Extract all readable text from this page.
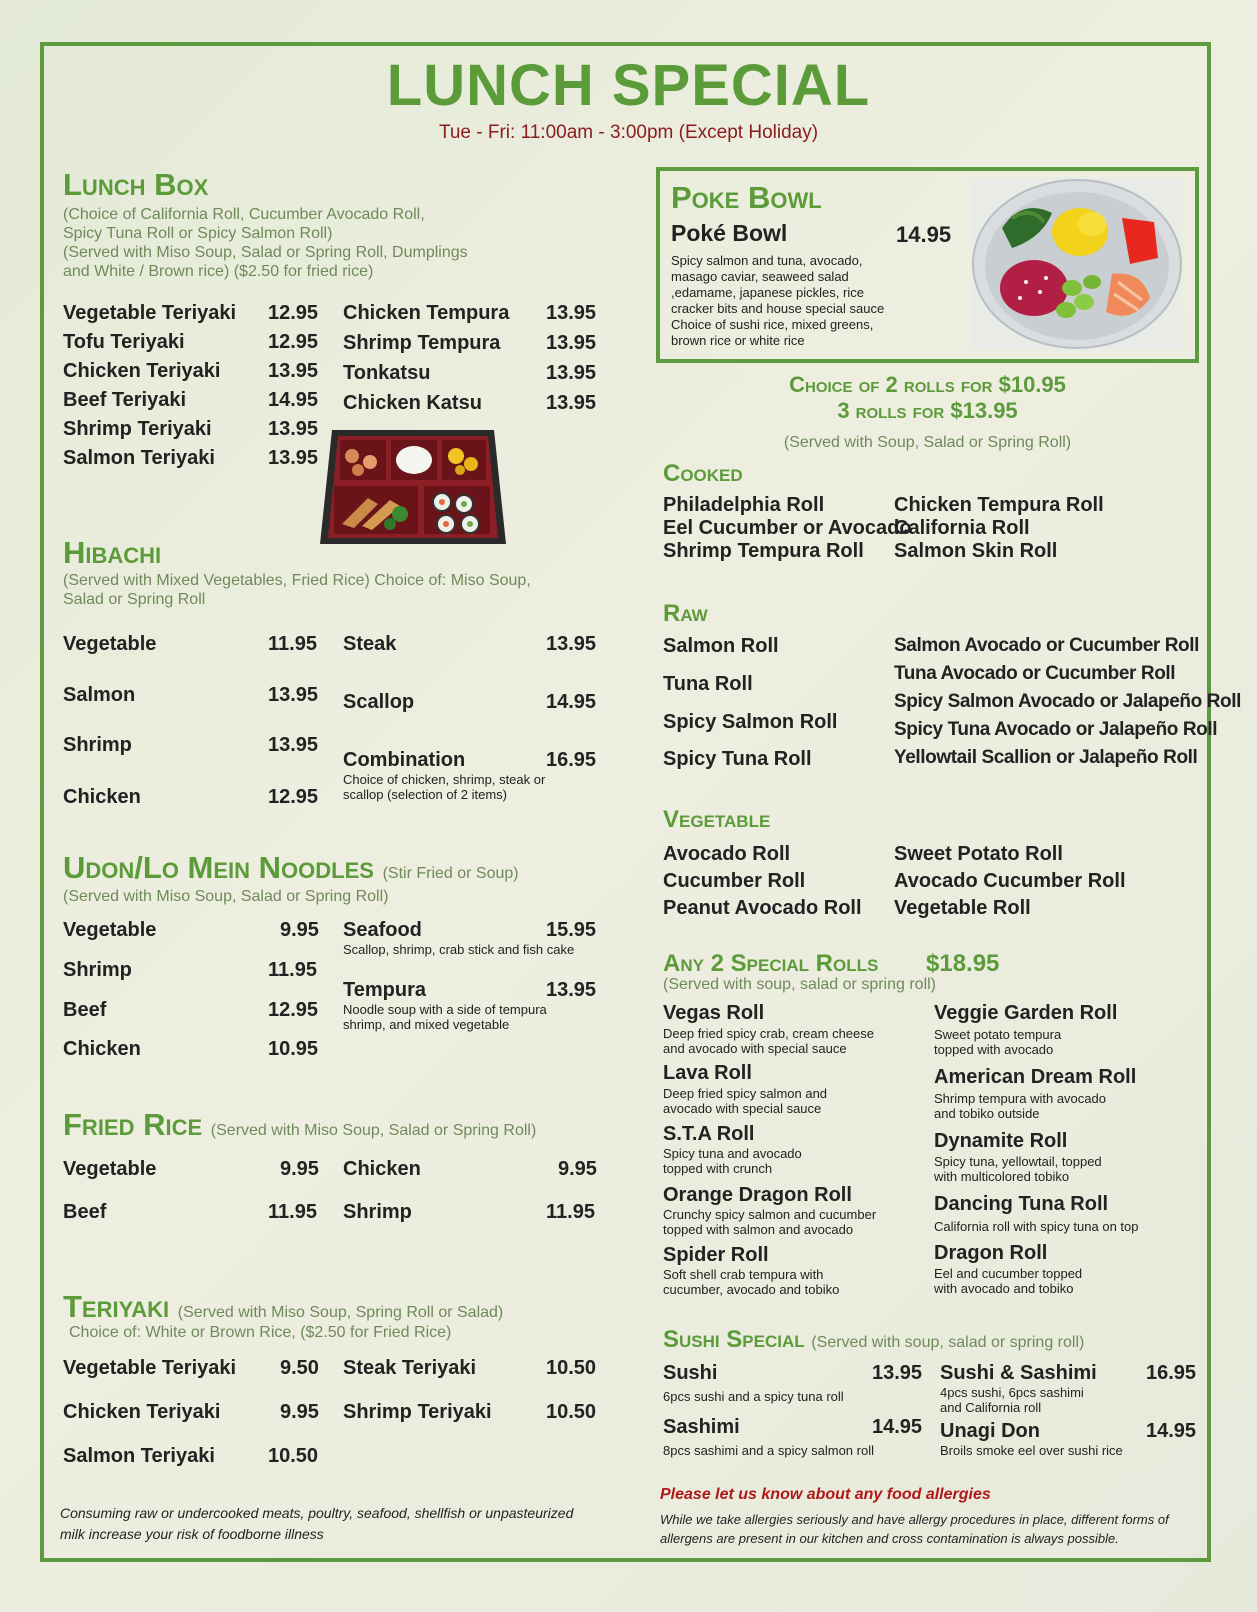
LUNCH SPECIAL
Tue - Fri: 11:00am - 3:00pm (Except Holiday)
Lunch Box
(Choice of California Roll, Cucumber Avocado Roll,
Spicy Tuna Roll or Spicy Salmon Roll)
(Served with Miso Soup, Salad or Spring Roll, Dumplings
and White / Brown rice) ($2.50 for fried rice)
Vegetable Teriyaki 12.95
Tofu Teriyaki	12.95
Chicken Teriyaki 13.95
Beef Teriyaki	14.95
Shrimp Teriyaki	13.95
Salmon Teriyaki	13.95
Chicken Tempura 13.95
Shrimp Tempura 13.95
Tonkatsu	13.95
Chicken Katsu	13.95
Hibachi
(Served with Mixed Vegetables, Fried Rice) Choice of: Miso Soup,
Salad or Spring Roll
Vegetable	11.95
Salmon	13.95
Shrimp	13.95
Chicken	12.95
Steak	13.95
Scallop	14.95
Combination	16.95
Choice of chicken, shrimp, steak or scallop (selection of 2 items)
Udon/Lo Mein Noodles (Stir Fried or Soup)
(Served with Miso Soup, Salad or Spring Roll)
Vegetable	9.95
Shrimp	11.95
Beef	12.95
Chicken	10.95
Seafood	15.95
Scallop, shrimp, crab stick and fish cake
Tempura	13.95
Noodle soup with a side of tempura shrimp, and mixed vegetable
Fried Rice (Served with Miso Soup, Salad or Spring Roll)
Vegetable	9.95
Beef	11.95
Chicken	9.95
Shrimp	11.95
Teriyaki (Served with Miso Soup, Spring Roll or Salad)
Choice of: White or Brown Rice, ($2.50 for Fried Rice)
Vegetable Teriyaki 9.50
Chicken Teriyaki	9.95
Salmon Teriyaki	10.50
Steak Teriyaki	10.50
Shrimp Teriyaki	10.50
Consuming raw or undercooked meats, poultry, seafood, shellfish or unpasteurized
milk increase your risk of foodborne illness
Poke Bowl
Poké Bowl	14.95
Spicy salmon and tuna, avocado,
masago caviar, seaweed salad
,edamame, japanese pickles, rice
cracker bits and house special sauce
Choice of sushi rice, mixed greens,
brown rice or white rice
Choice of 2 rolls for $10.95
3 rolls for $13.95
(Served with Soup, Salad or Spring Roll)
Cooked
Philadelphia Roll
Eel Cucumber or Avocado
Shrimp Tempura Roll
Chicken Tempura Roll
California Roll
Salmon Skin Roll
Raw
Salmon Roll
Tuna Roll
Spicy Salmon Roll
Spicy Tuna Roll
Salmon Avocado or Cucumber Roll
Tuna Avocado or Cucumber Roll
Spicy Salmon Avocado or Jalapeño Roll
Spicy Tuna Avocado or Jalapeño Roll
Yellowtail Scallion or Jalapeño Roll
Vegetable
Avocado Roll
Cucumber Roll
Peanut Avocado Roll
Sweet Potato Roll
Avocado Cucumber Roll
Vegetable Roll
Any 2 Special Rolls $18.95
(Served with soup, salad or spring roll)
Vegas Roll
Deep fried spicy crab, cream cheese
and avocado with special sauce
Lava Roll
Deep fried spicy salmon and
avocado with special sauce
S.T.A Roll
Spicy tuna and avocado
topped with crunch
Orange Dragon Roll
Crunchy spicy salmon and cucumber
topped with salmon and avocado
Spider Roll
Soft shell crab tempura with
cucumber, avocado and tobiko
Veggie Garden Roll
Sweet potato tempura
topped with avocado
American Dream Roll
Shrimp tempura with avocado
and tobiko outside
Dynamite Roll
Spicy tuna, yellowtail, topped
with multicolored tobiko
Dancing Tuna Roll
California roll with spicy tuna on top
Dragon Roll
Eel and cucumber topped
with avocado and tobiko
Sushi Special (Served with soup, salad or spring roll)
Sushi	13.95
6pcs sushi and a spicy tuna roll
Sashimi	14.95
8pcs sashimi and a spicy salmon roll
Sushi & Sashimi 16.95
4pcs sushi, 6pcs sashimi
and California roll
Unagi Don	14.95
Broils smoke eel over sushi rice
Please let us know about any food allergies
While we take allergies seriously and have allergy procedures in place, different forms of
allergens are present in our kitchen and cross contamination is always possible.
